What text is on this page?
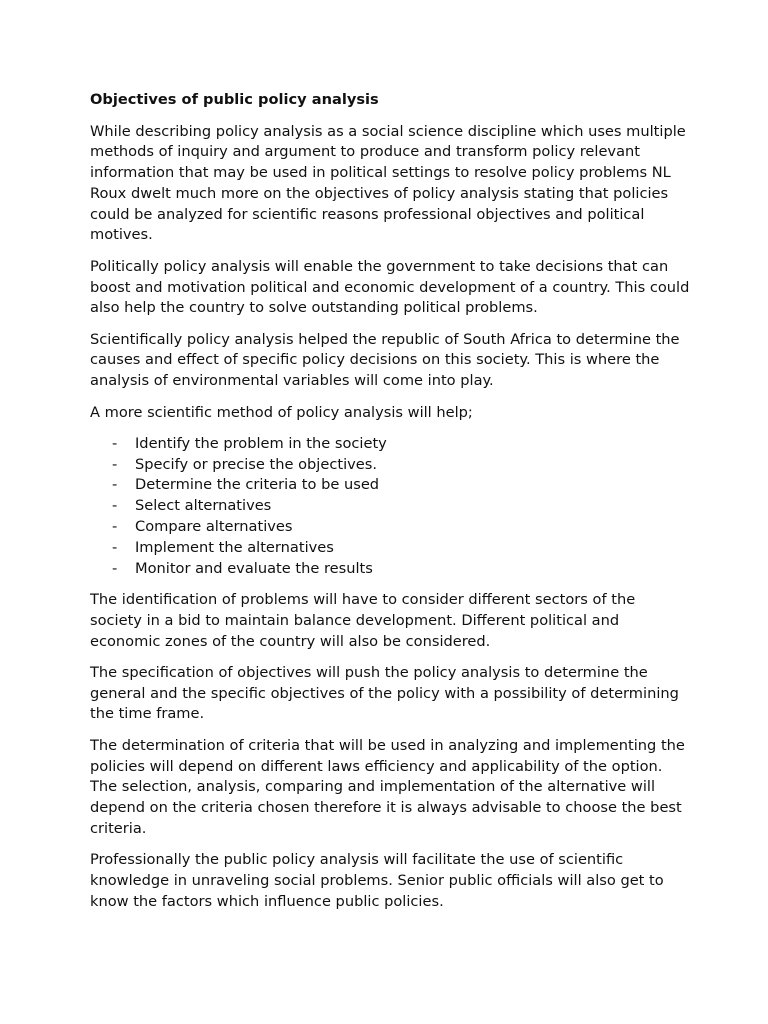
Objectives of public policy analysis

While describing policy analysis as a social science discipline which uses multiple methods of inquiry and argument to produce and transform policy relevant information that may be used in political settings to resolve policy problems NL Roux dwelt much more on the objectives of policy analysis stating that policies could be analyzed for scientific reasons professional objectives and political motives.

Politically policy analysis will enable the government to take decisions that can boost and motivation political and economic development of a country. This could also help the country to solve outstanding political problems.

Scientifically policy analysis helped the republic of South Africa to determine the causes and effect of specific policy decisions on this society. This is where the analysis of environmental variables will come into play.

A more scientific method of policy analysis will help;

- Identify the problem in the society
- Specify or precise the objectives.
- Determine the criteria to be used
- Select alternatives
- Compare alternatives
- Implement the alternatives
- Monitor and evaluate the results

The identification of problems will have to consider different sectors of the society in a bid to maintain balance development. Different political and economic zones of the country will also be considered.

The specification of objectives will push the policy analysis to determine the general and the specific objectives of the policy with a possibility of determining the time frame.

The determination of criteria that will be used in analyzing and implementing the policies will depend on different laws efficiency and applicability of the option. The selection, analysis, comparing and implementation of the alternative will depend on the criteria chosen therefore it is always advisable to choose the best criteria.

Professionally the public policy analysis will facilitate the use of scientific knowledge in unraveling social problems. Senior public officials will also get to know the factors which influence public policies.
